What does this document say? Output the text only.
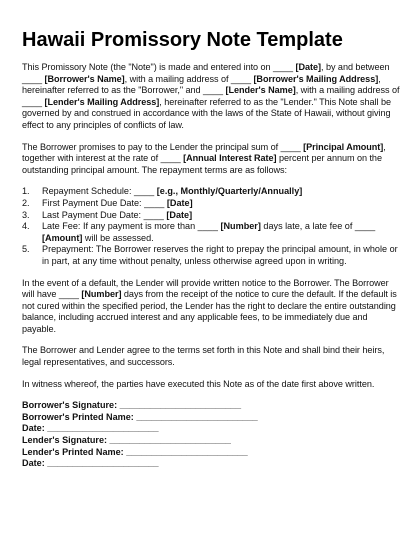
Hawaii Promissory Note Template

This Promissory Note (the "Note") is made and entered into on ____ [Date], by and between ____ [Borrower's Name], with a mailing address of ____ [Borrower's Mailing Address], hereinafter referred to as the "Borrower," and ____ [Lender's Name], with a mailing address of ____ [Lender's Mailing Address], hereinafter referred to as the "Lender." This Note shall be governed by and construed in accordance with the laws of the State of Hawaii, without giving effect to any principles of conflicts of law.

The Borrower promises to pay to the Lender the principal sum of ____ [Principal Amount], together with interest at the rate of ____ [Annual Interest Rate] percent per annum on the outstanding principal amount. The repayment terms are as follows:

1. Repayment Schedule: ____ [e.g., Monthly/Quarterly/Annually]
2. First Payment Due Date: ____ [Date]
3. Last Payment Due Date: ____ [Date]
4. Late Fee: If any payment is more than ____ [Number] days late, a late fee of ____ [Amount] will be assessed.
5. Prepayment: The Borrower reserves the right to prepay the principal amount, in whole or in part, at any time without penalty, unless otherwise agreed upon in writing.

In the event of a default, the Lender will provide written notice to the Borrower. The Borrower will have ____ [Number] days from the receipt of the notice to cure the default. If the default is not cured within the specified period, the Lender has the right to declare the entire outstanding balance, including accrued interest and any applicable fees, to be immediately due and payable.

The Borrower and Lender agree to the terms set forth in this Note and shall bind their heirs, legal representatives, and successors.

In witness whereof, the parties have executed this Note as of the date first above written.

Borrower's Signature: ________________________
Borrower's Printed Name: ________________________
Date: ______________________
Lender's Signature: ________________________
Lender's Printed Name: ________________________
Date: ______________________
